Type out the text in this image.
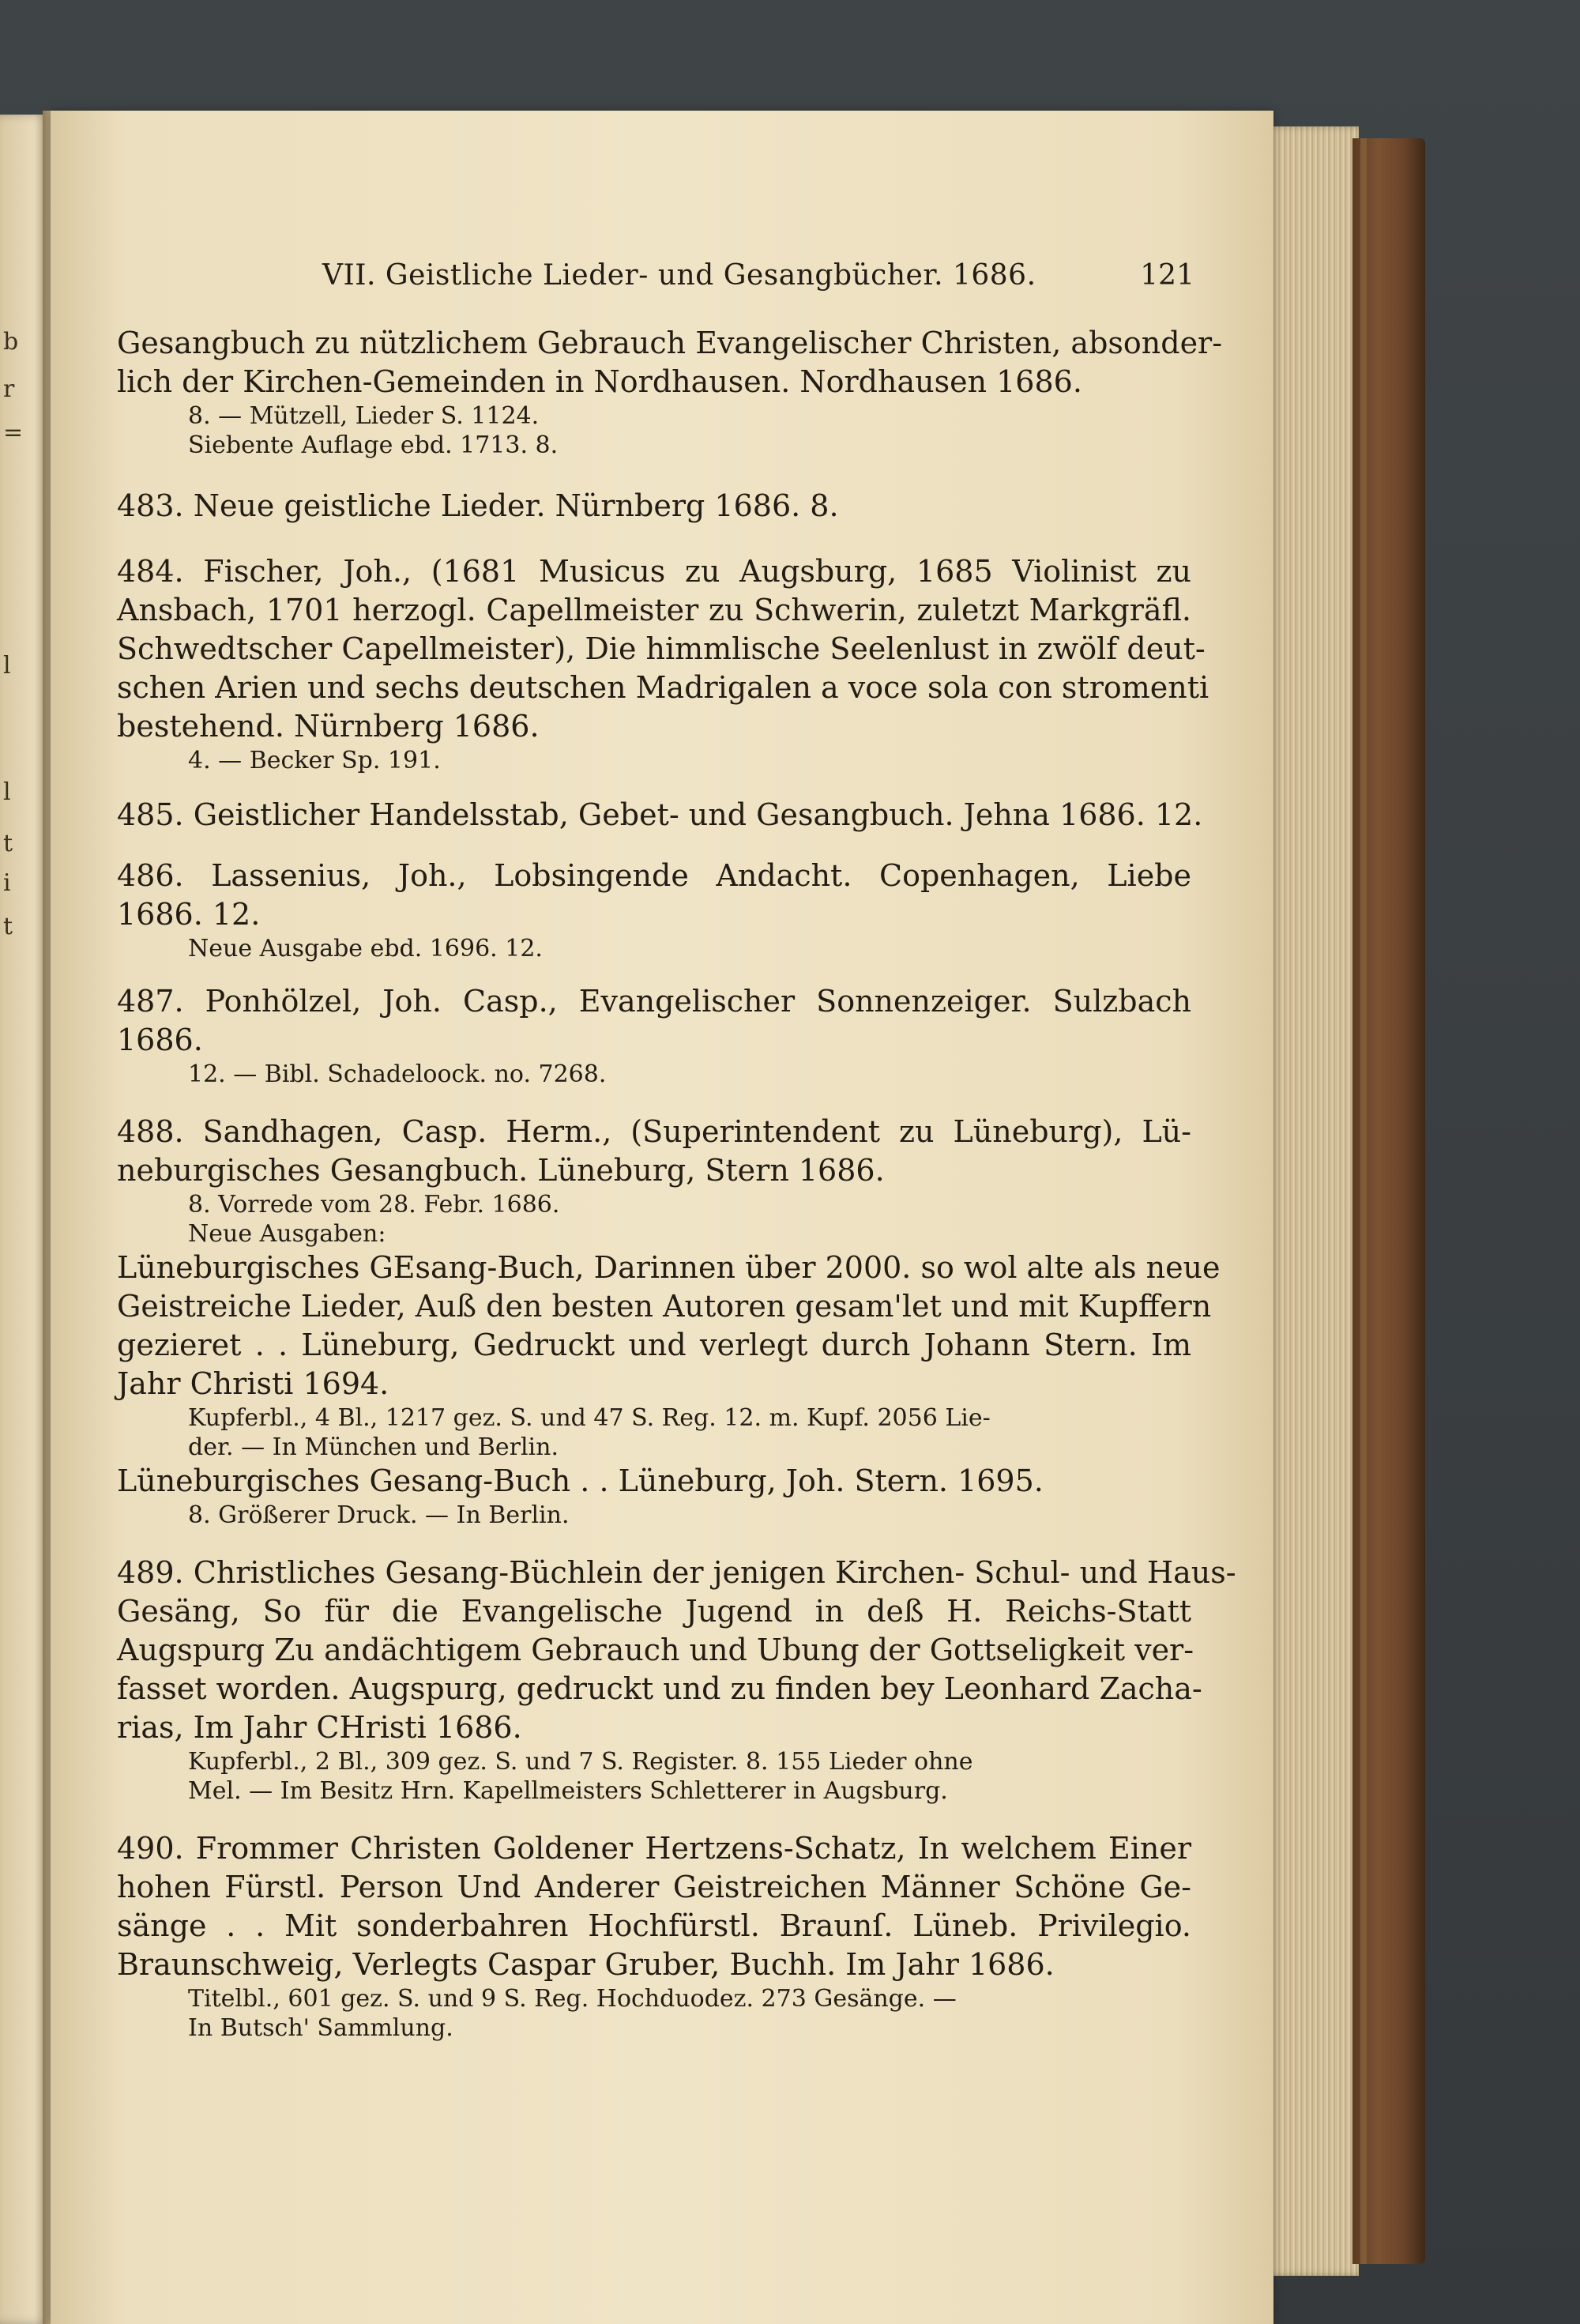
b
r
=
l
l
t
i
t
VII. Geistliche Lieder- und Gesangbücher. 1686.	121
Gesangbuch zu nützlichem Gebrauch Evangelischer Christen, absonder-
lich der Kirchen-Gemeinden in Nordhausen. Nordhausen 1686.
8. — Mützell, Lieder S. 1124.
Siebente Auflage ebd. 1713. 8.
483. Neue geistliche Lieder. Nürnberg 1686. 8.
484. Fischer, Joh., (1681 Musicus zu Augsburg, 1685 Violinist zu
Ansbach, 1701 herzogl. Capellmeister zu Schwerin, zuletzt Markgräfl.
Schwedtscher Capellmeister), Die himmlische Seelenlust in zwölf deut-
schen Arien und sechs deutschen Madrigalen a voce sola con stromenti
bestehend. Nürnberg 1686.
4. — Becker Sp. 191.
485. Geistlicher Handelsstab, Gebet- und Gesangbuch. Jehna 1686. 12.
486. Lassenius, Joh., Lobsingende Andacht. Copenhagen, Liebe
1686. 12.
Neue Ausgabe ebd. 1696. 12.
487. Ponhölzel, Joh. Casp., Evangelischer Sonnenzeiger. Sulzbach
1686.
12. — Bibl. Schadeloock. no. 7268.
488. Sandhagen, Casp. Herm., (Superintendent zu Lüneburg), Lü-
neburgisches Gesangbuch. Lüneburg, Stern 1686.
8. Vorrede vom 28. Febr. 1686.
Neue Ausgaben:
Lüneburgisches GEsang-Buch, Darinnen über 2000. so wol alte als neue
Geistreiche Lieder, Auß den besten Autoren gesam'let und mit Kupffern
gezieret . . Lüneburg, Gedruckt und verlegt durch Johann Stern. Im
Jahr Christi 1694.
Kupferbl., 4 Bl., 1217 gez. S. und 47 S. Reg. 12. m. Kupf. 2056 Lie-
der. — In München und Berlin.
Lüneburgisches Gesang-Buch . . Lüneburg, Joh. Stern. 1695.
8. Größerer Druck. — In Berlin.
489. Christliches Gesang-Büchlein der jenigen Kirchen- Schul- und Haus-
Gesäng, So für die Evangelische Jugend in deß H. Reichs-Statt
Augspurg Zu andächtigem Gebrauch und Ubung der Gottseligkeit ver-
fasset worden. Augspurg, gedruckt und zu finden bey Leonhard Zacha-
rias, Im Jahr CHristi 1686.
Kupferbl., 2 Bl., 309 gez. S. und 7 S. Register. 8. 155 Lieder ohne
Mel. — Im Besitz Hrn. Kapellmeisters Schletterer in Augsburg.
490. Frommer Christen Goldener Hertzens-Schatz, In welchem Einer
hohen Fürstl. Person Und Anderer Geistreichen Männer Schöne Ge-
sänge . . Mit sonderbahren Hochfürstl. Braunſ. Lüneb. Privilegio.
Braunschweig, Verlegts Caspar Gruber, Buchh. Im Jahr 1686.
Titelbl., 601 gez. S. und 9 S. Reg. Hochduodez. 273 Gesänge. —
In Butsch' Sammlung.
